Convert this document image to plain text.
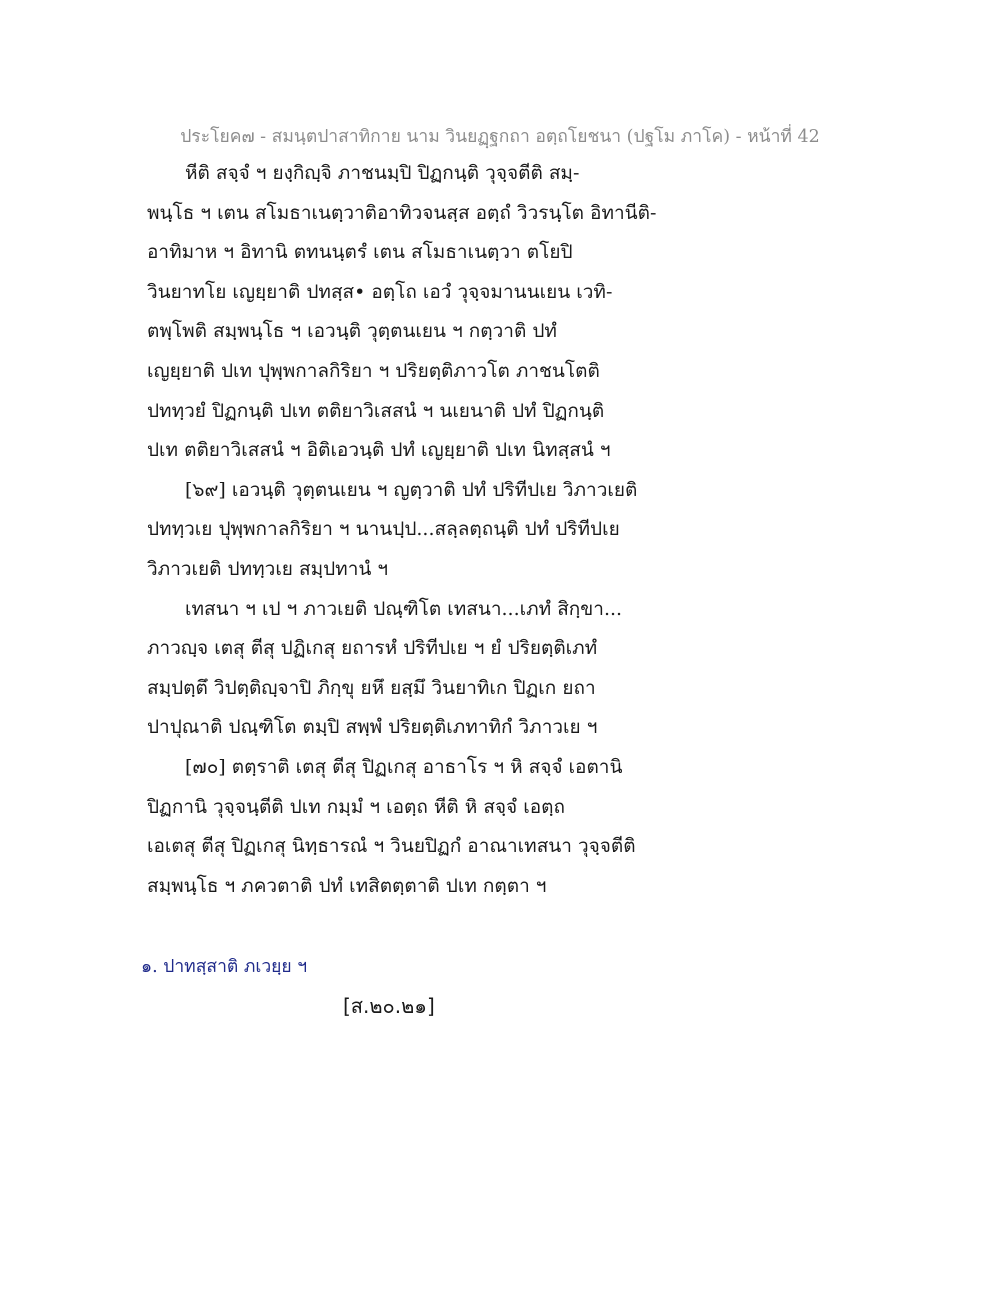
ประโยค๗ - สมนฺตปาสาทิกาย นาม วินยฏฺฐกถา อตฺถโยชนา (ปฐโม ภาโค) - หน้าที่ 42
หีติ สจฺจํ ฯ ยงฺกิญฺจิ ภาชนมฺปิ ปิฏกนฺติ วุจฺจตีติ สมฺ-
พนฺโธ ฯ เตน สโมธาเนตฺวาติอาทิวจนสฺส อตฺถํ วิวรนฺโต อิทานีติ-
อาทิมาห ฯ อิทานิ ตทนนฺตรํ เตน สโมธาเนตฺวา ตโยปิ
วินยาทโย เญยฺยาติ ปทสฺส• อตฺโถ เอวํ วุจฺจมานนเยน เวทิ-
ตพฺโพติ สมฺพนฺโธ ฯ เอวนฺติ วุตฺตนเยน ฯ กตฺวาติ ปทํ
เญยฺยาติ ปเท ปุพฺพกาลกิริยา ฯ ปริยตฺติภาวโต ภาชนโตติ
ปททฺวยํ ปิฏกนฺติ ปเท ตติยาวิเสสนํ ฯ นเยนาติ ปทํ ปิฏกนฺติ
ปเท ตติยาวิเสสนํ ฯ อิติเอวนฺติ ปทํ เญยฺยาติ ปเท นิทสฺสนํ ฯ
[๖๙] เอวนฺติ วุตฺตนเยน ฯ ญตฺวาติ ปทํ ปริทีปเย วิภาวเยติ
ปททฺวเย ปุพฺพกาลกิริยา ฯ นานปฺป...สลฺลตฺถนฺติ ปทํ ปริทีปเย
วิภาวเยติ ปททฺวเย สมฺปทานํ ฯ
เทสนา ฯ เป ฯ ภาวเยติ ปณฺฑิโต เทสนา...เภทํ สิกฺขา...
ภาวญฺจ เตสุ ตีสุ ปฏิเกสุ ยถารหํ ปริทีปเย ฯ ยํ ปริยตฺติเภทํ
สมฺปตฺตึ วิปตฺติญฺจาปิ ภิกฺขุ ยหึ ยสฺมึ วินยาทิเก ปิฏเก ยถา
ปาปุณาติ ปณฺฑิโต ตมฺปิ สพฺพํ ปริยตฺติเภทาทิกํ วิภาวเย ฯ
[๗๐] ตตฺราติ เตสุ ตีสุ ปิฏเกสุ อาธาโร ฯ หิ สจฺจํ เอตานิ
ปิฏกานิ วุจฺจนฺตีติ ปเท กมฺมํ ฯ เอตฺถ หีติ หิ สจฺจํ เอตฺถ
เอเตสุ ตีสุ ปิฏเกสุ นิทฺธารณํ ฯ วินยปิฏกํ อาณาเทสนา วุจฺจตีติ
สมฺพนฺโธ ฯ ภควตาติ ปทํ เทสิตตฺตาติ ปเท กตฺตา ฯ
๑. ปาทสฺสาติ ภเวยฺย ฯ
[ส.๒๐.๒๑]
